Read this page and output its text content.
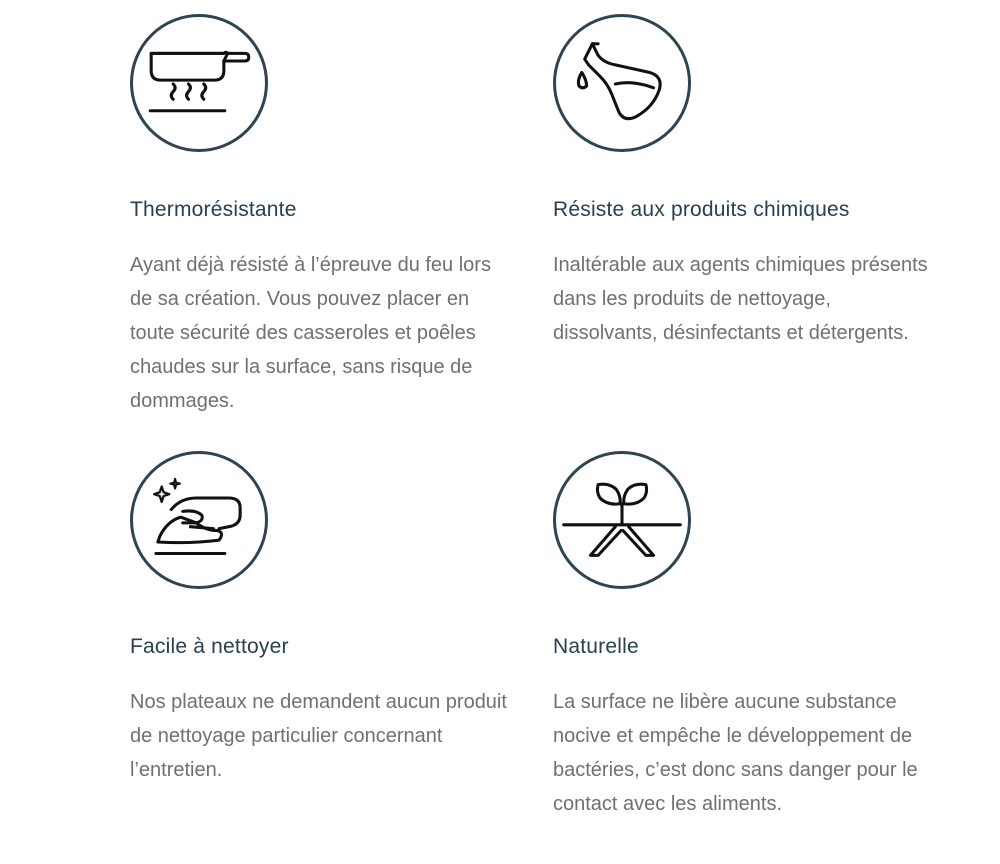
Thermorésistante

Ayant déjà résisté à l’épreuve du feu lors de sa création. Vous pouvez placer en toute sécurité des casseroles et poêles chaudes sur la surface, sans risque de dommages.

Résiste aux produits chimiques

Inaltérable aux agents chimiques présents dans les produits de nettoyage, dissolvants, désinfectants et détergents.

Facile à nettoyer

Nos plateaux ne demandent aucun produit de nettoyage particulier concernant l’entretien.

Naturelle

La surface ne libère aucune substance nocive et empêche le développement de bactéries, c’est donc sans danger pour le contact avec les aliments.
